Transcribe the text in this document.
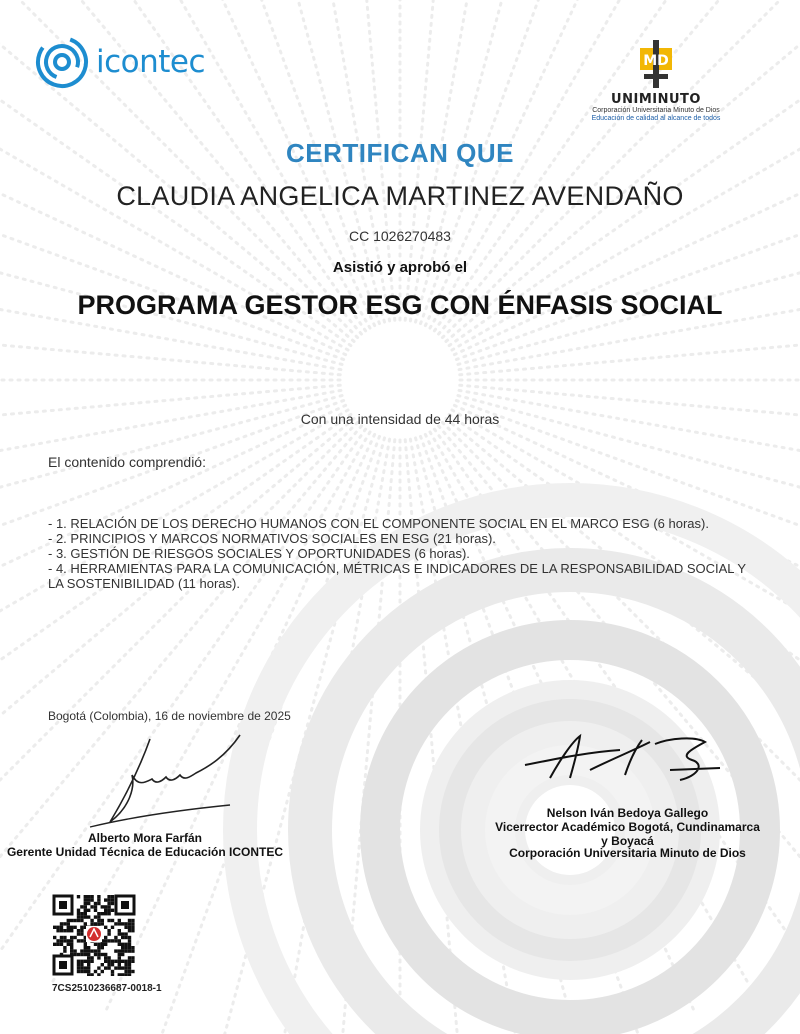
icontec	MD
UNIMINUTO
Corporación Universitaria Minuto de Dios
Educación de calidad al alcance de todos
CERTIFICAN QUE
CLAUDIA ANGELICA MARTINEZ AVENDAÑO
CC 1026270483
Asistió y aprobó el
PROGRAMA GESTOR ESG CON ÉNFASIS SOCIAL
Con una intensidad de 44 horas
El contenido comprendió:

- 1. RELACIÓN DE LOS DERECHO HUMANOS CON EL COMPONENTE SOCIAL EN EL MARCO ESG (6 horas).

- 2. PRINCIPIOS Y MARCOS NORMATIVOS SOCIALES EN ESG (21 horas).

- 3. GESTIÓN DE RIESGOS SOCIALES Y OPORTUNIDADES (6 horas).

- 4. HERRAMIENTAS PARA LA COMUNICACIÓN, MÉTRICAS E INDICADORES DE LA RESPONSABILIDAD SOCIAL Y LA SOSTENIBILIDAD (11 horas).

Bogotá (Colombia), 16 de noviembre de 2025
Alberto Mora Farfán
Gerente Unidad Técnica de Educación ICONTEC
Nelson Iván Bedoya Gallego
Vicerrector Académico Bogotá, Cundinamarca
y Boyacá
Corporación Universitaria Minuto de Dios
7CS2510236687-0018-1
